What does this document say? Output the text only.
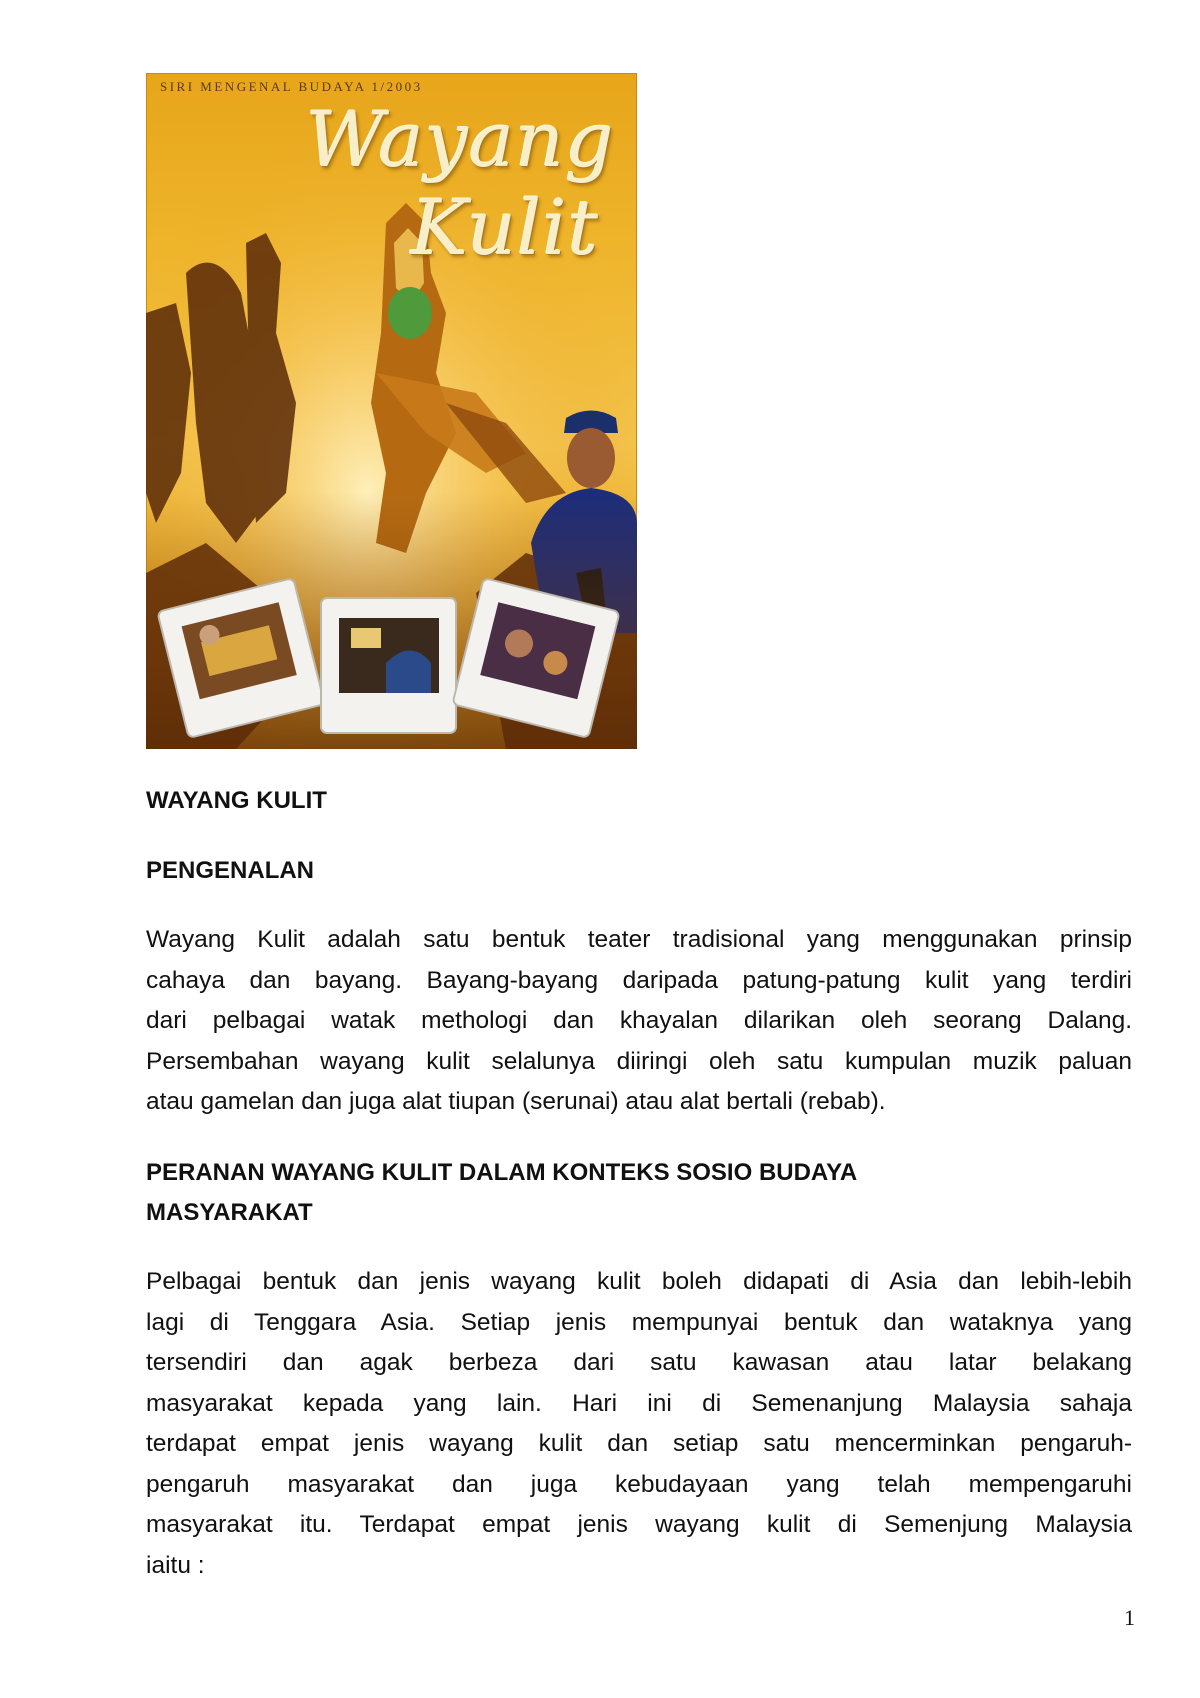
SIRI MENGENAL BUDAYA 1/2003
Wayang
Kulit
WAYANG KULIT
PENGENALAN
Wayang Kulit adalah satu bentuk teater tradisional yang menggunakan prinsip
cahaya dan bayang. Bayang-bayang daripada patung-patung kulit yang terdiri
dari pelbagai watak methologi dan khayalan dilarikan oleh seorang Dalang.
Persembahan wayang kulit selalunya diiringi oleh satu kumpulan muzik paluan
atau gamelan dan juga alat tiupan (serunai) atau alat bertali (rebab).
PERANAN WAYANG KULIT DALAM KONTEKS SOSIO BUDAYA
MASYARAKAT
Pelbagai bentuk dan jenis wayang kulit boleh didapati di Asia dan lebih-lebih
lagi di Tenggara Asia. Setiap jenis mempunyai bentuk dan wataknya yang
tersendiri dan agak berbeza dari satu kawasan atau latar belakang
masyarakat kepada yang lain. Hari ini di Semenanjung Malaysia sahaja
terdapat empat jenis wayang kulit dan setiap satu mencerminkan pengaruh-
pengaruh masyarakat dan juga kebudayaan yang telah mempengaruhi
masyarakat itu. Terdapat empat jenis wayang kulit di Semenjung Malaysia
iaitu :
1
